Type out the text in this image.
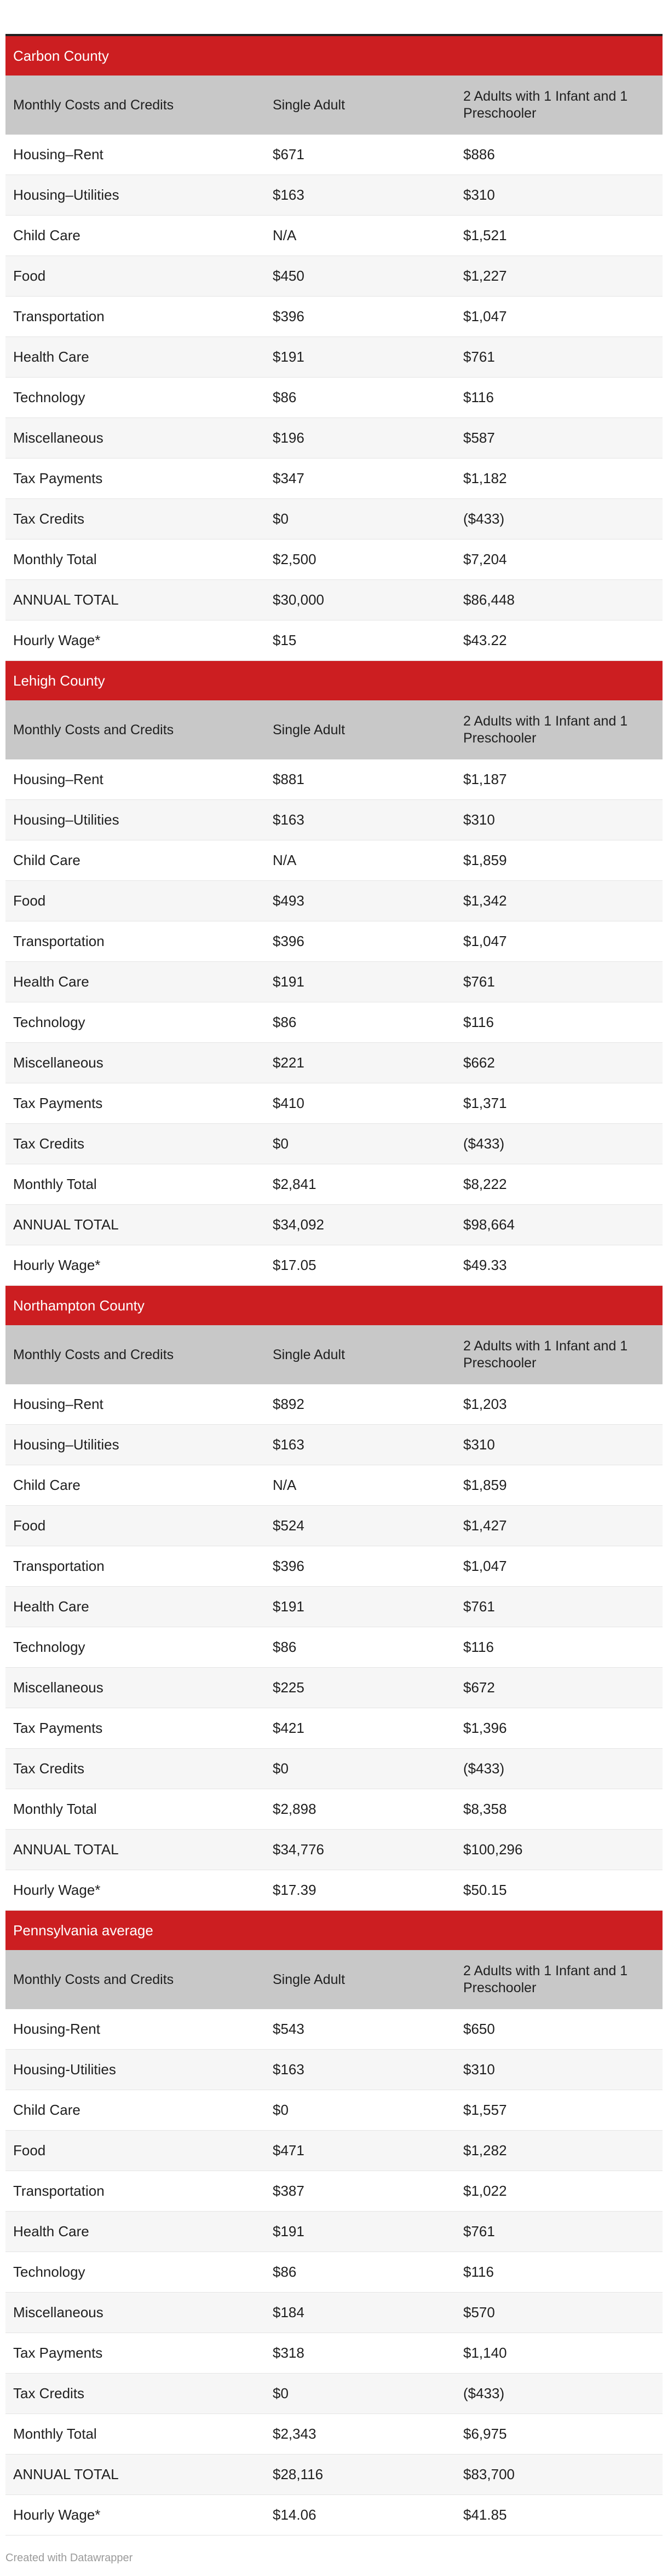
Carbon County		
Monthly Costs and Credits	Single Adult	2 Adults with 1 Infant and 1 Preschooler
Housing–Rent	$671	$886
Housing–Utilities	$163	$310
Child Care	N/A	$1,521
Food	$450	$1,227
Transportation	$396	$1,047
Health Care	$191	$761
Technology	$86	$116
Miscellaneous	$196	$587
Tax Payments	$347	$1,182
Tax Credits	$0	($433)
Monthly Total	$2,500	$7,204
ANNUAL TOTAL	$30,000	$86,448
Hourly Wage*	$15	$43.22
Lehigh County		
Monthly Costs and Credits	Single Adult	2 Adults with 1 Infant and 1 Preschooler
Housing–Rent	$881	$1,187
Housing–Utilities	$163	$310
Child Care	N/A	$1,859
Food	$493	$1,342
Transportation	$396	$1,047
Health Care	$191	$761
Technology	$86	$116
Miscellaneous	$221	$662
Tax Payments	$410	$1,371
Tax Credits	$0	($433)
Monthly Total	$2,841	$8,222
ANNUAL TOTAL	$34,092	$98,664
Hourly Wage*	$17.05	$49.33
Northampton County		
Monthly Costs and Credits	Single Adult	2 Adults with 1 Infant and 1 Preschooler
Housing–Rent	$892	$1,203
Housing–Utilities	$163	$310
Child Care	N/A	$1,859
Food	$524	$1,427
Transportation	$396	$1,047
Health Care	$191	$761
Technology	$86	$116
Miscellaneous	$225	$672
Tax Payments	$421	$1,396
Tax Credits	$0	($433)
Monthly Total	$2,898	$8,358
ANNUAL TOTAL	$34,776	$100,296
Hourly Wage*	$17.39	$50.15
Pennsylvania average		
Monthly Costs and Credits	Single Adult	2 Adults with 1 Infant and 1 Preschooler
Housing-Rent	$543	$650
Housing-Utilities	$163	$310
Child Care	$0	$1,557
Food	$471	$1,282
Transportation	$387	$1,022
Health Care	$191	$761
Technology	$86	$116
Miscellaneous	$184	$570
Tax Payments	$318	$1,140
Tax Credits	$0	($433)
Monthly Total	$2,343	$6,975
ANNUAL TOTAL	$28,116	$83,700
Hourly Wage*	$14.06	$41.85
Created with Datawrapper
